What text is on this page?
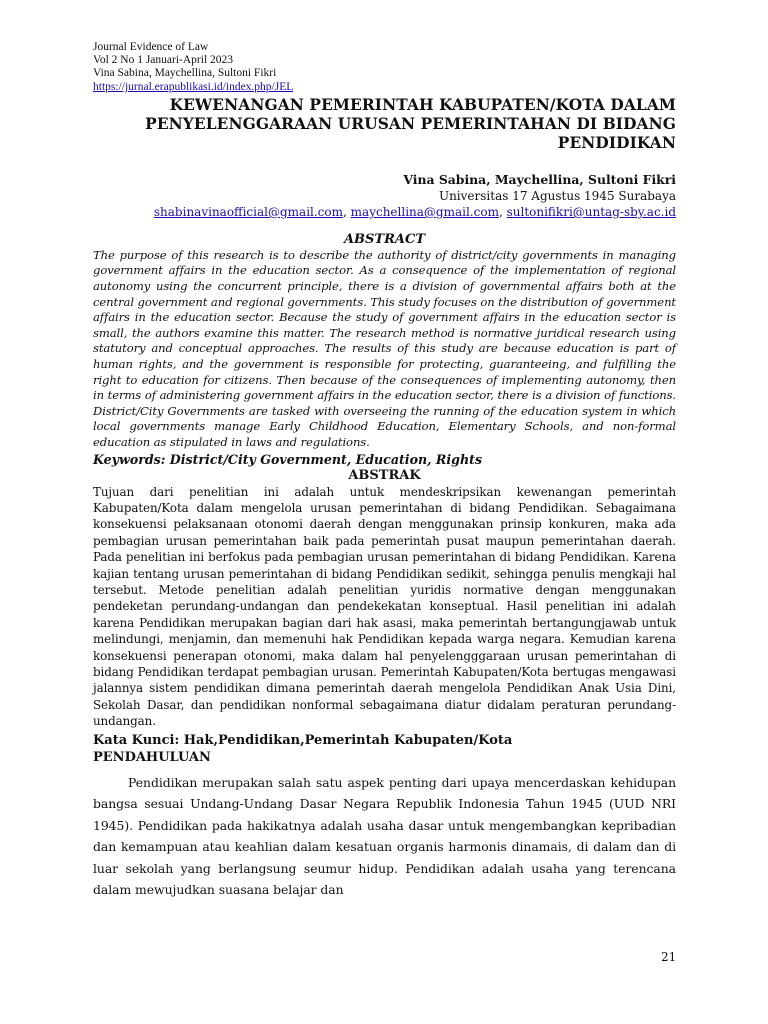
Journal Evidence of Law
Vol 2 No 1 Januari-April 2023
Vina Sabina, Maychellina, Sultoni Fikri
https://jurnal.erapublikasi.id/index.php/JEL
KEWENANGAN PEMERINTAH KABUPATEN/KOTA DALAM
PENYELENGGARAAN URUSAN PEMERINTAHAN DI BIDANG
PENDIDIKAN
Vina Sabina, Maychellina, Sultoni Fikri
Universitas 17 Agustus 1945 Surabaya
shabinavinaofficial@gmail.com, maychellina@gmail.com, sultonifikri@untag-sby.ac.id
ABSTRACT
The purpose of this research is to describe the authority of district/city governments in managing government affairs in the education sector. As a consequence of the implementation of regional autonomy using the concurrent principle, there is a division of governmental affairs both at the central government and regional governments. This study focuses on the distribution of government affairs in the education sector. Because the study of government affairs in the education sector is small, the authors examine this matter. The research method is normative juridical research using statutory and conceptual approaches. The results of this study are because education is part of human rights, and the government is responsible for protecting, guaranteeing, and fulfilling the right to education for citizens. Then because of the consequences of implementing autonomy, then in terms of administering government affairs in the education sector, there is a division of functions. District/City Governments are tasked with overseeing the running of the education system in which local governments manage Early Childhood Education, Elementary Schools, and non-formal education as stipulated in laws and regulations.
Keywords: District/City Government, Education, Rights
ABSTRAK
Tujuan dari penelitian ini adalah untuk mendeskripsikan kewenangan pemerintah Kabupaten/Kota dalam mengelola urusan pemerintahan di bidang Pendidikan. Sebagaimana konsekuensi pelaksanaan otonomi daerah dengan menggunakan prinsip konkuren, maka ada pembagian urusan pemerintahan baik pada pemerintah pusat maupun pemerintahan daerah. Pada penelitian ini berfokus pada pembagian urusan pemerintahan di bidang Pendidikan. Karena kajian tentang urusan pemerintahan di bidang Pendidikan sedikit, sehingga penulis mengkaji hal tersebut. Metode penelitian adalah penelitian yuridis normative dengan menggunakan pendeketan perundang-undangan dan pendekekatan konseptual. Hasil penelitian ini adalah karena Pendidikan merupakan bagian dari hak asasi, maka pemerintah bertangungjawab untuk melindungi, menjamin, dan memenuhi hak Pendidikan kepada warga negara. Kemudian karena konsekuensi penerapan otonomi, maka dalam hal penyelengggaraan urusan pemerintahan di bidang Pendidikan terdapat pembagian urusan. Pemerintah Kabupaten/Kota bertugas mengawasi jalannya sistem pendidikan dimana pemerintah daerah mengelola Pendidikan Anak Usia Dini, Sekolah Dasar, dan pendidikan nonformal sebagaimana diatur didalam peraturan perundang-undangan.
Kata Kunci: Hak,Pendidikan,Pemerintah Kabupaten/Kota
PENDAHULUAN
Pendidikan merupakan salah satu aspek penting dari upaya mencerdaskan kehidupan bangsa sesuai Undang-Undang Dasar Negara Republik Indonesia Tahun 1945 (UUD NRI 1945). Pendidikan pada hakikatnya adalah usaha dasar untuk mengembangkan kepribadian dan kemampuan atau keahlian dalam kesatuan organis harmonis dinamais, di dalam dan di luar sekolah yang berlangsung seumur hidup. Pendidikan adalah usaha yang terencana dalam mewujudkan suasana belajar dan
21
